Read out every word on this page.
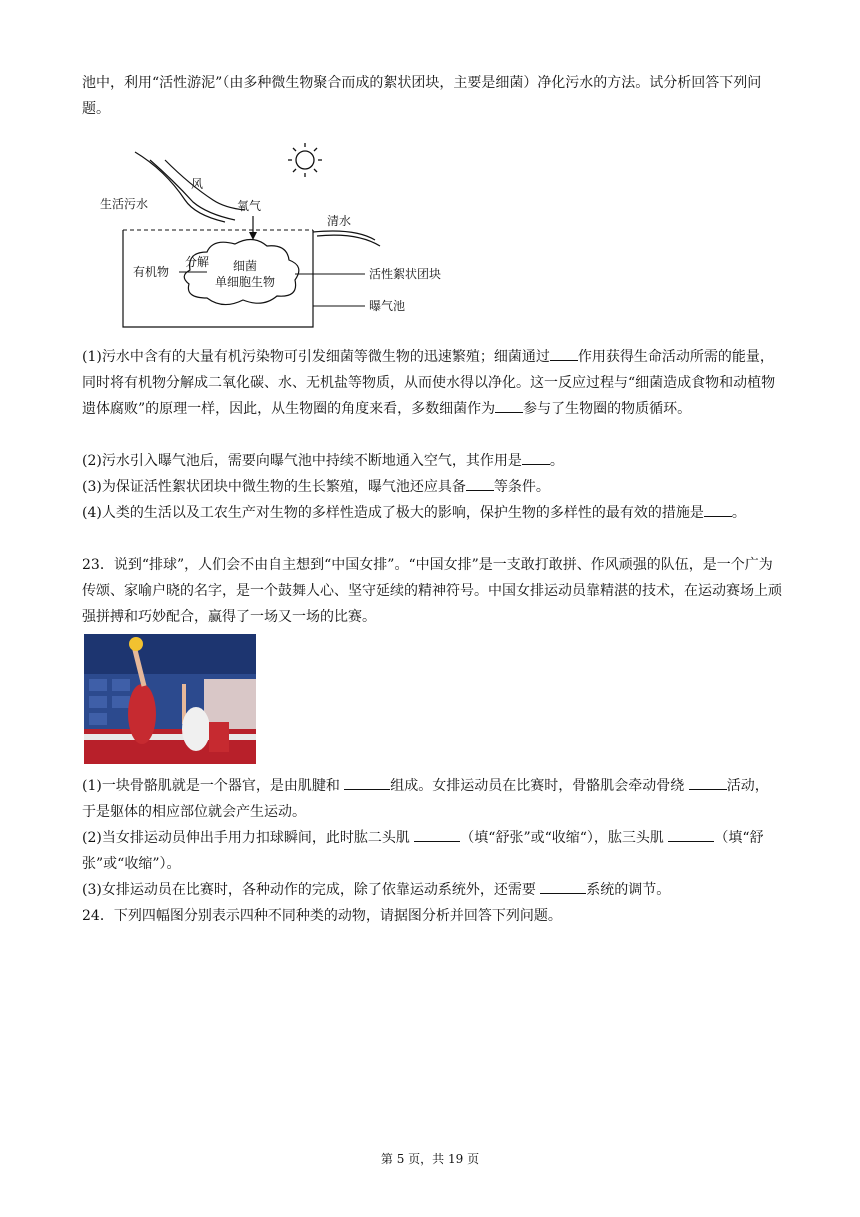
池中，利用“活性游泥”（由多种微生物聚合而成的絮状团块，主要是细菌）净化污水的方法。试分析回答下列问题。

风
生活污水	氧气
清水
细菌
单细胞生物
分解
有机物	活性絮状团块
曝气池

(1)污水中含有的大量有机污染物可引发细菌等微生物的迅速繁殖；细菌通过 作用获得生命活动所需的能量，同时将有机物分解成二氧化碳、水、无机盐等物质，从而使水得以净化。这一反应过程与“细菌造成食物和动植物遗体腐败”的原理一样，因此，从生物圈的角度来看，多数细菌作为 参与了生物圈的物质循环。

(2)污水引入曝气池后，需要向曝气池中持续不断地通入空气，其作用是 。

(3)为保证活性絮状团块中微生物的生长繁殖，曝气池还应具备 等条件。

(4)人类的生活以及工农生产对生物的多样性造成了极大的影响，保护生物的多样性的最有效的措施是 。

23．说到“排球”，人们会不由自主想到“中国女排”。“中国女排”是一支敢打敢拼、作风顽强的队伍，是一个广为传颂、家喻户晓的名字，是一个鼓舞人心、坚守延续的精神符号。中国女排运动员靠精湛的技术，在运动赛场上顽强拼搏和巧妙配合，赢得了一场又一场的比赛。

(1)一块骨骼肌就是一个器官，是由肌腱和	组成。女排运动员在比赛时，骨骼肌会牵动骨绕	活动，于是躯体的相应部位就会产生运动。

(2)当女排运动员伸出手用力扣球瞬间，此时肱二头肌	（填“舒张”或“收缩“），肱三头肌	（填“舒张”或“收缩”）。

(3)女排运动员在比赛时，各种动作的完成，除了依靠运动系统外，还需要	系统的调节。

24．下列四幅图分别表示四种不同种类的动物，请据图分析并回答下列问题。

第 5 页，共 19 页
